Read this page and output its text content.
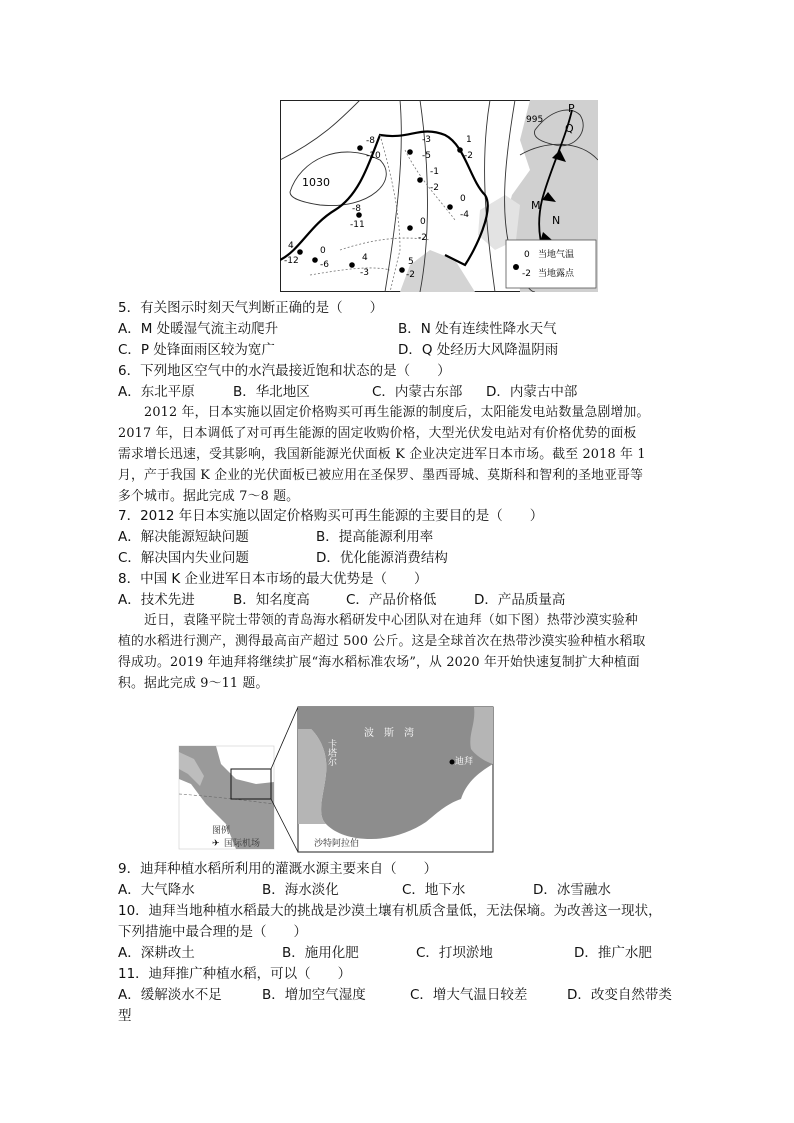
1030
995
P
Q
M
N
-8
-10
-8
-11
-3
-5
-1
-2
1
-2
0
-4
0
-2
4
-12
0
-6
4
-3
5
-2
0 当地气温
-2 当地露点
5．有关图示时刻天气判断正确的是（　　）
A．M 处暖湿气流主动爬升	B．N 处有连续性降水天气
C．P 处锋面雨区较为宽广	D．Q 处经历大风降温阴雨
6．下列地区空气中的水汽最接近饱和状态的是（　　）
A．东北平原	B．华北地区	C．内蒙古东部 D．内蒙古中部
2012 年，日本实施以固定价格购买可再生能源的制度后，太阳能发电站数量急剧增加。
2017 年，日本调低了对可再生能源的固定收购价格，大型光伏发电站对有价格优势的面板
需求增长迅速，受其影响，我国新能源光伏面板 K 企业决定进军日本市场。截至 2018 年 1
月，产于我国 K 企业的光伏面板已被应用在圣保罗、墨西哥城、莫斯科和智利的圣地亚哥等
多个城市。据此完成 7～8 题。
7．2012 年日本实施以固定价格购买可再生能源的主要目的是（　　）
A．解决能源短缺问题	B．提高能源利用率
C．解决国内失业问题	D．优化能源消费结构
8．中国 K 企业进军日本市场的最大优势是（　　）
A．技术先进	B．知名度高	C．产品价格低	D．产品质量高
近日，袁隆平院士带领的青岛海水稻研发中心团队对在迪拜（如下图）热带沙漠实验种
植的水稻进行测产，测得最高亩产超过 500 公斤。这是全球首次在热带沙漠实验种植水稻取
得成功。2019 年迪拜将继续扩展“海水稻标准农场”，从 2020 年开始快速复制扩大种植面
积。据此完成 9～11 题。
卡塔尔
波　斯　湾
迪拜
沙特阿拉伯
图例
✈ 国际机场
9．迪拜种植水稻所利用的灌溉水源主要来自（　　）
A．大气降水	B．海水淡化	C．地下水	D．冰雪融水
10．迪拜当地种植水稻最大的挑战是沙漠土壤有机质含量低，无法保墒。为改善这一现状，
下列措施中最合理的是（　　）
A．深耕改土	B．施用化肥	C．打坝淤地	D．推广水肥
11．迪拜推广种植水稻，可以（　　）
A．缓解淡水不足	B．增加空气湿度	C．增大气温日较差	D．改变自然带类
型
